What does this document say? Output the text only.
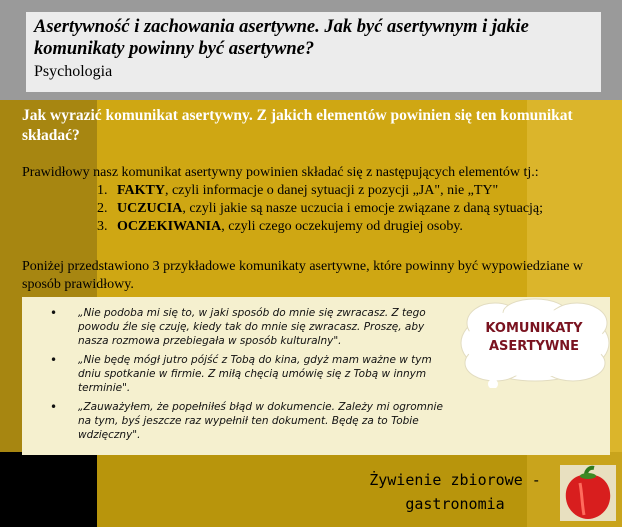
Asertywność i zachowania asertywne. Jak być asertywnym i jakie komunikaty powinny być asertywne?
Psychologia
Jak wyrazić komunikat asertywny. Z jakich elementów powinien się ten komunikat składać?
Prawidłowy nasz komunikat asertywny powinien składać się z następujących elementów tj.:
1. FAKTY, czyli informacje o danej sytuacji z pozycji „JA", nie „TY"
2. UCZUCIA, czyli jakie są nasze uczucia i emocje związane z daną sytuacją;
3. OCZEKIWANIA, czyli czego oczekujemy od drugiej osoby.
Poniżej przedstawiono 3 przykładowe komunikaty asertywne, które powinny być wypowiedziane w sposób prawidłowy.
• „Nie podoba mi się to, w jaki sposób do mnie się zwracasz. Z tego powodu źle się czuję, kiedy tak do mnie się zwracasz. Proszę, aby nasza rozmowa przebiegała w sposób kulturalny".
• „Nie będę mógł jutro pójść z Tobą do kina, gdyż mam ważne w tym dniu spotkanie w firmie. Z miłą chęcią umówię się z Tobą w innym terminie".
• „Zauważyłem, że popełniłeś błąd w dokumencie. Zależy mi ogromnie na tym, byś jeszcze raz wypełnił ten dokument. Będę za to Tobie wdzięczny".
KOMUNIKATY ASERTYWNE
Żywienie zbiorowe - gastronomia
